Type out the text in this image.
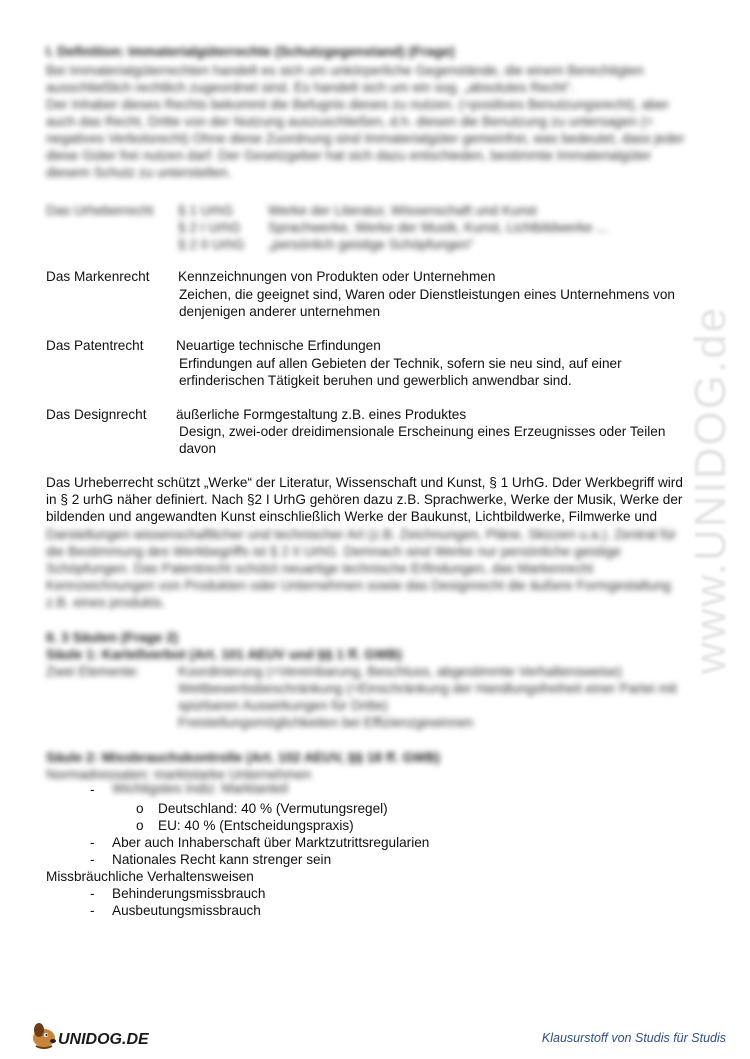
I. Definition: Immaterialgüterrechte (Schutzgegenstand) (Frage)

Bei Immaterialgüterrechten handelt es sich um unkörperliche Gegenstände, die einem Berechtigten

ausschließlich rechtlich zugeordnet sind. Es handelt sich um ein sog. „absolutes Recht“.

Der Inhaber dieses Rechts bekommt die Befugnis dieses zu nutzen. (=positives Benutzungsrecht), aber

auch das Recht, Dritte von der Nutzung auszuschließen, d.h. diesen die Benutzung zu untersagen (=

negatives Verbotsrecht) Ohne diese Zuordnung sind Immaterialgüter gemeinfrei, was bedeutet, dass jeder

diese Güter frei nutzen darf. Der Gesetzgeber hat sich dazu entschieden, bestimmte Immaterialgüter

diesem Schutz zu unterstellen.

Das Urheberrecht § 1 UrhG	Werke der Literatur, Wissenschaft und Kunst
§ 2 I UrhG Sprachwerke, Werke der Musik, Kunst, Lichtbildwerke ...
§ 2 II UrhG „persönlich geistige Schöpfungen“
Das Markenrecht Kennzeichnungen von Produkten oder Unternehmen
Zeichen, die geeignet sind, Waren oder Dienstleistungen eines Unternehmens von
denjenigen anderer unternehmen
Das Patentrecht Neuartige technische Erfindungen
Erfindungen auf allen Gebieten der Technik, sofern sie neu sind, auf einer
erfinderischen Tätigkeit beruhen und gewerblich anwendbar sind.
Das Designrecht äußerliche Formgestaltung z.B. eines Produktes
Design, zwei-oder dreidimensionale Erscheinung eines Erzeugnisses oder Teilen
davon

Das Urheberrecht schützt „Werke“ der Literatur, Wissenschaft und Kunst, § 1 UrhG. Dder Werkbegriff wird

in § 2 urhG näher definiert. Nach §2 I UrhG gehören dazu z.B. Sprachwerke, Werke der Musik, Werke der

bildenden und angewandten Kunst einschließlich Werke der Baukunst, Lichtbildwerke, Filmwerke und

Darstellungen wissenschaftlicher und technischer Art (z.B. Zeichnungen, Pläne, Skizzen u.a.). Zentral für

die Bestimmung des Werkbegriffs ist § 2 II UrhG. Demnach sind Werke nur persönliche geistige

Schöpfungen. Das Patentrecht schützt neuartige technische Erfindungen, das Markenrecht

Kennzeichnungen von Produkten oder Unternehmen sowie das Designrecht die äußere Formgestaltung

z.B. eines produkts.

II. 3 Säulen (Frage 2)
Säule 1: Kartellverbot (Art. 101 AEUV und §§ 1 ff. GWB)
Zwei Elemente:	Koordinierung (=Vereinbarung, Beschluss, abgestimmte Verhaltensweise)
Wettbewerbsbeschränkung (=Einschränkung der Handlungsfreiheit einer Partei mit
spürbaren Auswirkungen für Dritte)
Freistellungsmöglichkeiten bei Effizienzgewinnen
Säule 2: Missbrauchskontrolle (Art. 102 AEUV, §§ 18 ff. GWB)
Normadressaten: marktstarke Unternehmen
- Wichtigstes Indiz: Marktanteil
o Deutschland: 40 % (Vermutungsregel)
o EU: 40 % (Entscheidungspraxis)
- Aber auch Inhaberschaft über Marktzutrittsregularien
- Nationales Recht kann strenger sein
Missbräuchliche Verhaltensweisen
- Behinderungsmissbrauch
- Ausbeutungsmissbrauch
www.UNIDOG.de
UNIDOG.DE	Klausurstoff von Studis für Studis
